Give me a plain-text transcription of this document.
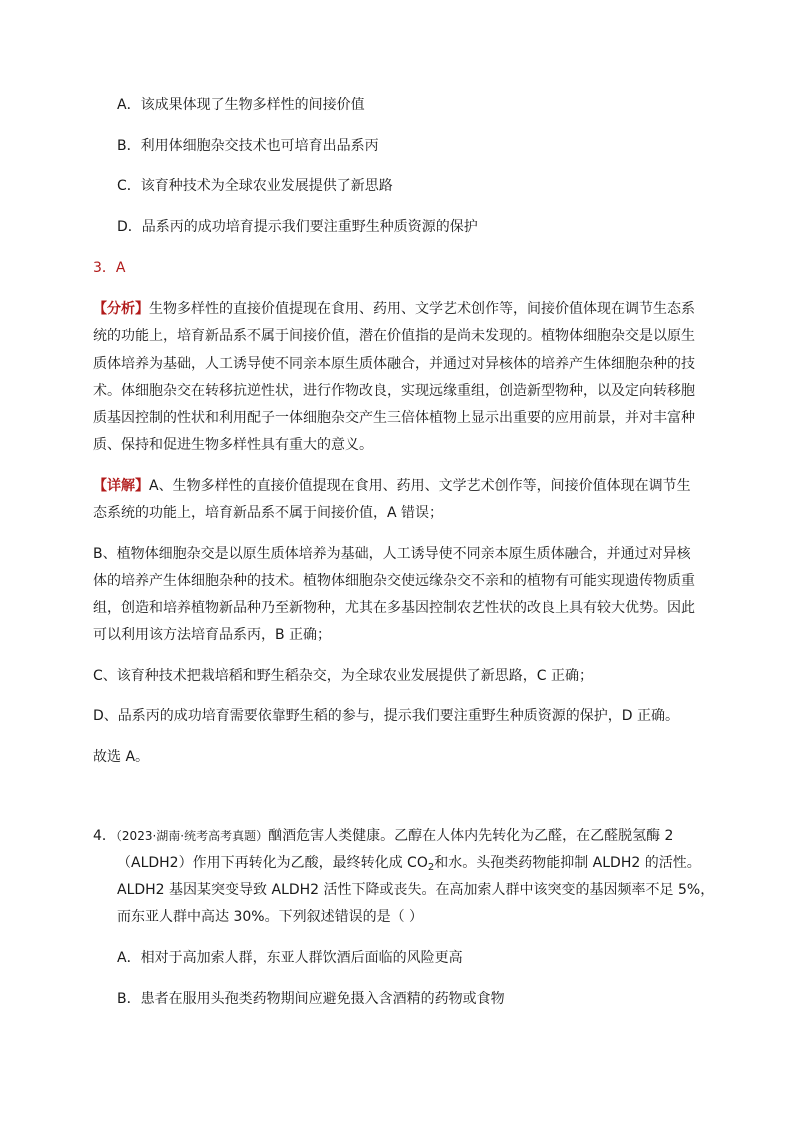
A．该成果体现了生物多样性的间接价值
B．利用体细胞杂交技术也可培育出品系丙
C．该育种技术为全球农业发展提供了新思路
D．品系丙的成功培育提示我们要注重野生种质资源的保护
3．A
【分析】生物多样性的直接价值提现在食用、药用、文学艺术创作等，间接价值体现在调节生态系
统的功能上，培育新品系不属于间接价值，潜在价值指的是尚未发现的。植物体细胞杂交是以原生
质体培养为基础，人工诱导使不同亲本原生质体融合，并通过对异核体的培养产生体细胞杂种的技
术。体细胞杂交在转移抗逆性状，进行作物改良，实现远缘重组，创造新型物种，以及定向转移胞
质基因控制的性状和利用配子一体细胞杂交产生三倍体植物上显示出重要的应用前景，并对丰富种
质、保持和促进生物多样性具有重大的意义。
【详解】A、生物多样性的直接价值提现在食用、药用、文学艺术创作等，间接价值体现在调节生
态系统的功能上，培育新品系不属于间接价值，A 错误；
B、植物体细胞杂交是以原生质体培养为基础，人工诱导使不同亲本原生质体融合，并通过对异核
体的培养产生体细胞杂种的技术。植物体细胞杂交使远缘杂交不亲和的植物有可能实现遗传物质重
组，创造和培养植物新品种乃至新物种，尤其在多基因控制农艺性状的改良上具有较大优势。因此
可以利用该方法培育品系丙，B 正确；
C、该育种技术把栽培稻和野生稻杂交，为全球农业发展提供了新思路，C 正确；
D、品系丙的成功培育需要依靠野生稻的参与，提示我们要注重野生种质资源的保护，D 正确。
故选 A。
4．（2023·湖南·统考高考真题）酗酒危害人类健康。乙醇在人体内先转化为乙醛，在乙醛脱氢酶 2
（ALDH2）作用下再转化为乙酸，最终转化成 $CO_2$和水。头孢类药物能抑制 ALDH2 的活性。
ALDH2 基因某突变导致 ALDH2 活性下降或丧失。在高加索人群中该突变的基因频率不足 5%，
而东亚人群中高达 30%。下列叙述错误的是（ ）
A．相对于高加索人群，东亚人群饮酒后面临的风险更高
B．患者在服用头孢类药物期间应避免摄入含酒精的药物或食物
